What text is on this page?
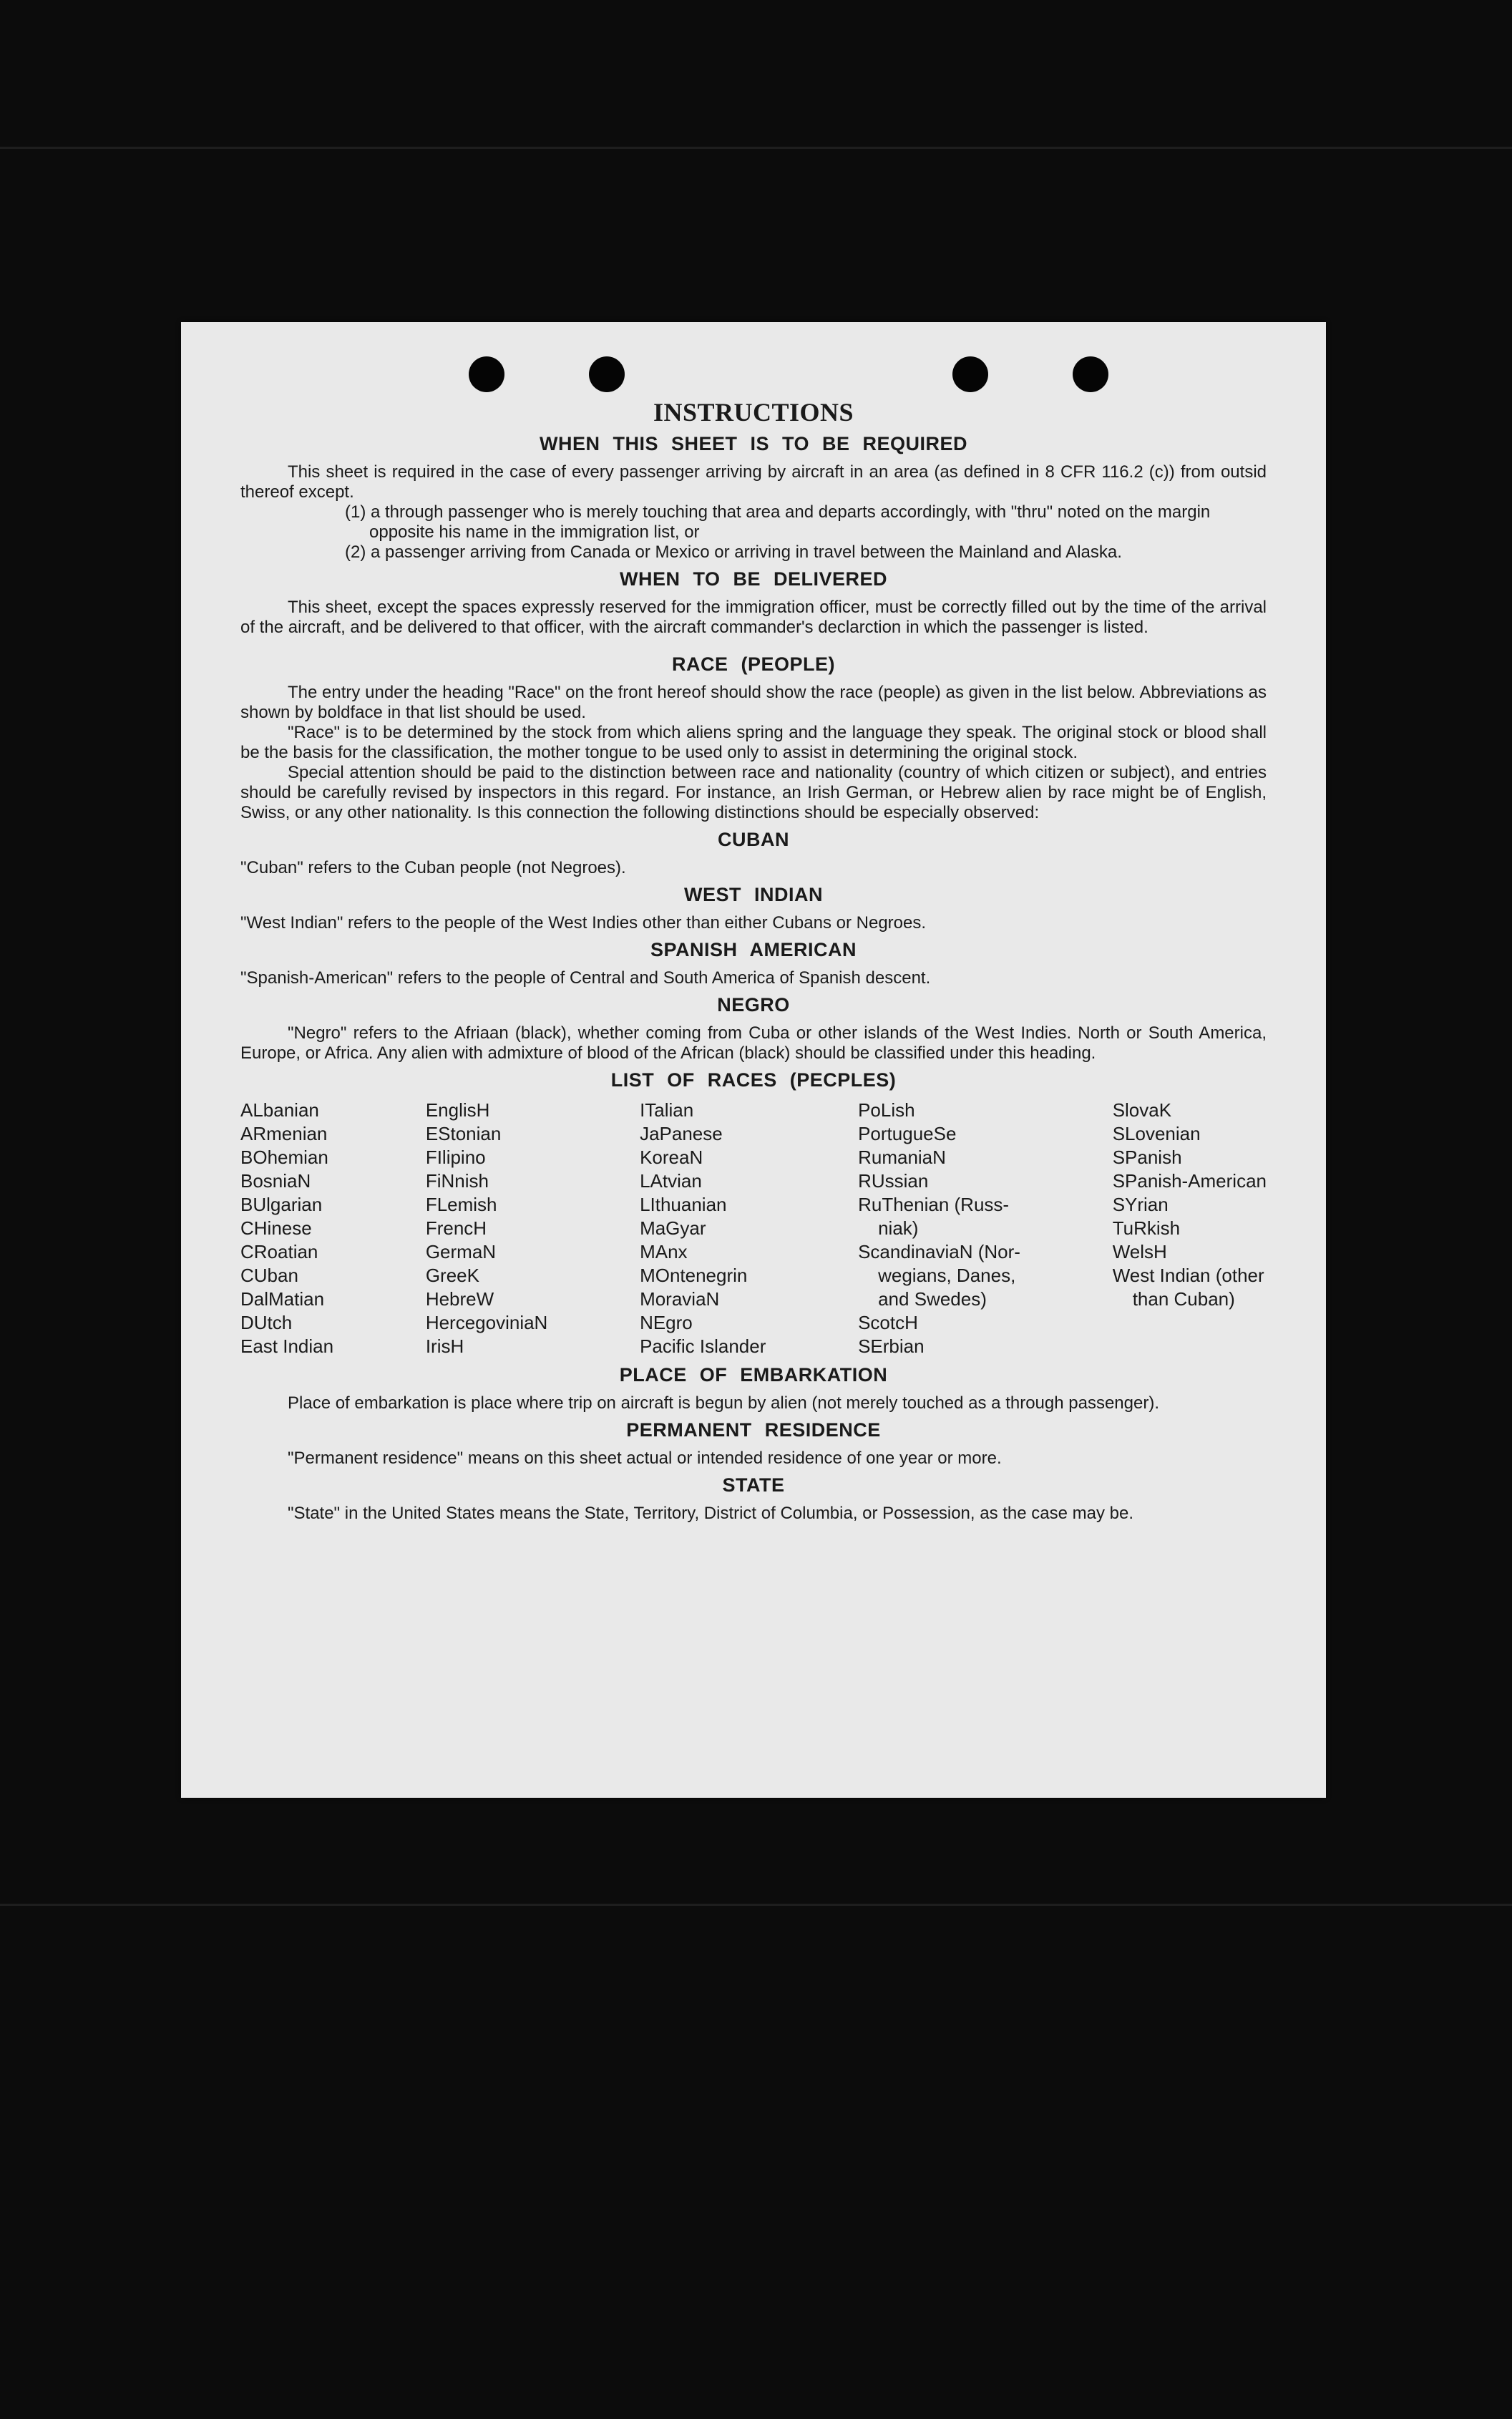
INSTRUCTIONS
WHEN THIS SHEET IS TO BE REQUIRED

This sheet is required in the case of every passenger arriving by aircraft in an area (as defined in 8 CFR 116.2 (c)) from outsid thereof except.

(1) a through passenger who is merely touching that area and departs accordingly, with "thru" noted on the margin opposite his name in the immigration list, or

(2) a passenger arriving from Canada or Mexico or arriving in travel between the Mainland and Alaska.

WHEN TO BE DELIVERED

This sheet, except the spaces expressly reserved for the immigration officer, must be correctly filled out by the time of the arrival of the aircraft, and be delivered to that officer, with the aircraft commander's declarction in which the passenger is listed.

RACE (PEOPLE)

The entry under the heading "Race" on the front hereof should show the race (people) as given in the list below. Abbreviations as shown by boldface in that list should be used.

"Race" is to be determined by the stock from which aliens spring and the language they speak. The original stock or blood shall be the basis for the classification, the mother tongue to be used only to assist in determining the original stock.

Special attention should be paid to the distinction between race and nationality (country of which citizen or subject), and entries should be carefully revised by inspectors in this regard. For instance, an Irish German, or Hebrew alien by race might be of English, Swiss, or any other nationality. Is this connection the following distinctions should be especially observed:

CUBAN

"Cuban" refers to the Cuban people (not Negroes).

WEST INDIAN

"West Indian" refers to the people of the West Indies other than either Cubans or Negroes.

SPANISH AMERICAN

"Spanish-American" refers to the people of Central and South America of Spanish descent.

NEGRO

"Negro" refers to the Afriaan (black), whether coming from Cuba or other islands of the West Indies. North or South America, Europe, or Africa. Any alien with admixture of blood of the African (black) should be classified under this heading.

LIST OF RACES (PECPLES)
ALbanian
ARmenian
BOhemian
BosniaN
BUlgarian
CHinese
CRoatian
CUban
DalMatian
DUtch
East Indian
EnglisH
EStonian
FIlipino
FiNnish
FLemish
FrencH
GermaN
GreeK
HebreW
HercegoviniaN
IrisH
ITalian
JaPanese
KoreaN
LAtvian
LIthuanian
MaGyar
MAnx
MOntenegrin
MoraviaN
NEgro
Pacific Islander
PoLish
PortugueSe
RumaniaN
RUssian
RuThenian (Russ-
niak)
ScandinaviaN (Nor-
wegians, Danes,
and Swedes)
ScotcH
SErbian
SlovaK
SLovenian
SPanish
SPanish-American
SYrian
TuRkish
WelsH
West Indian (other
than Cuban)
PLACE OF EMBARKATION

Place of embarkation is place where trip on aircraft is begun by alien (not merely touched as a through passenger).

PERMANENT RESIDENCE

"Permanent residence" means on this sheet actual or intended residence of one year or more.

STATE

"State" in the United States means the State, Territory, District of Columbia, or Possession, as the case may be.
